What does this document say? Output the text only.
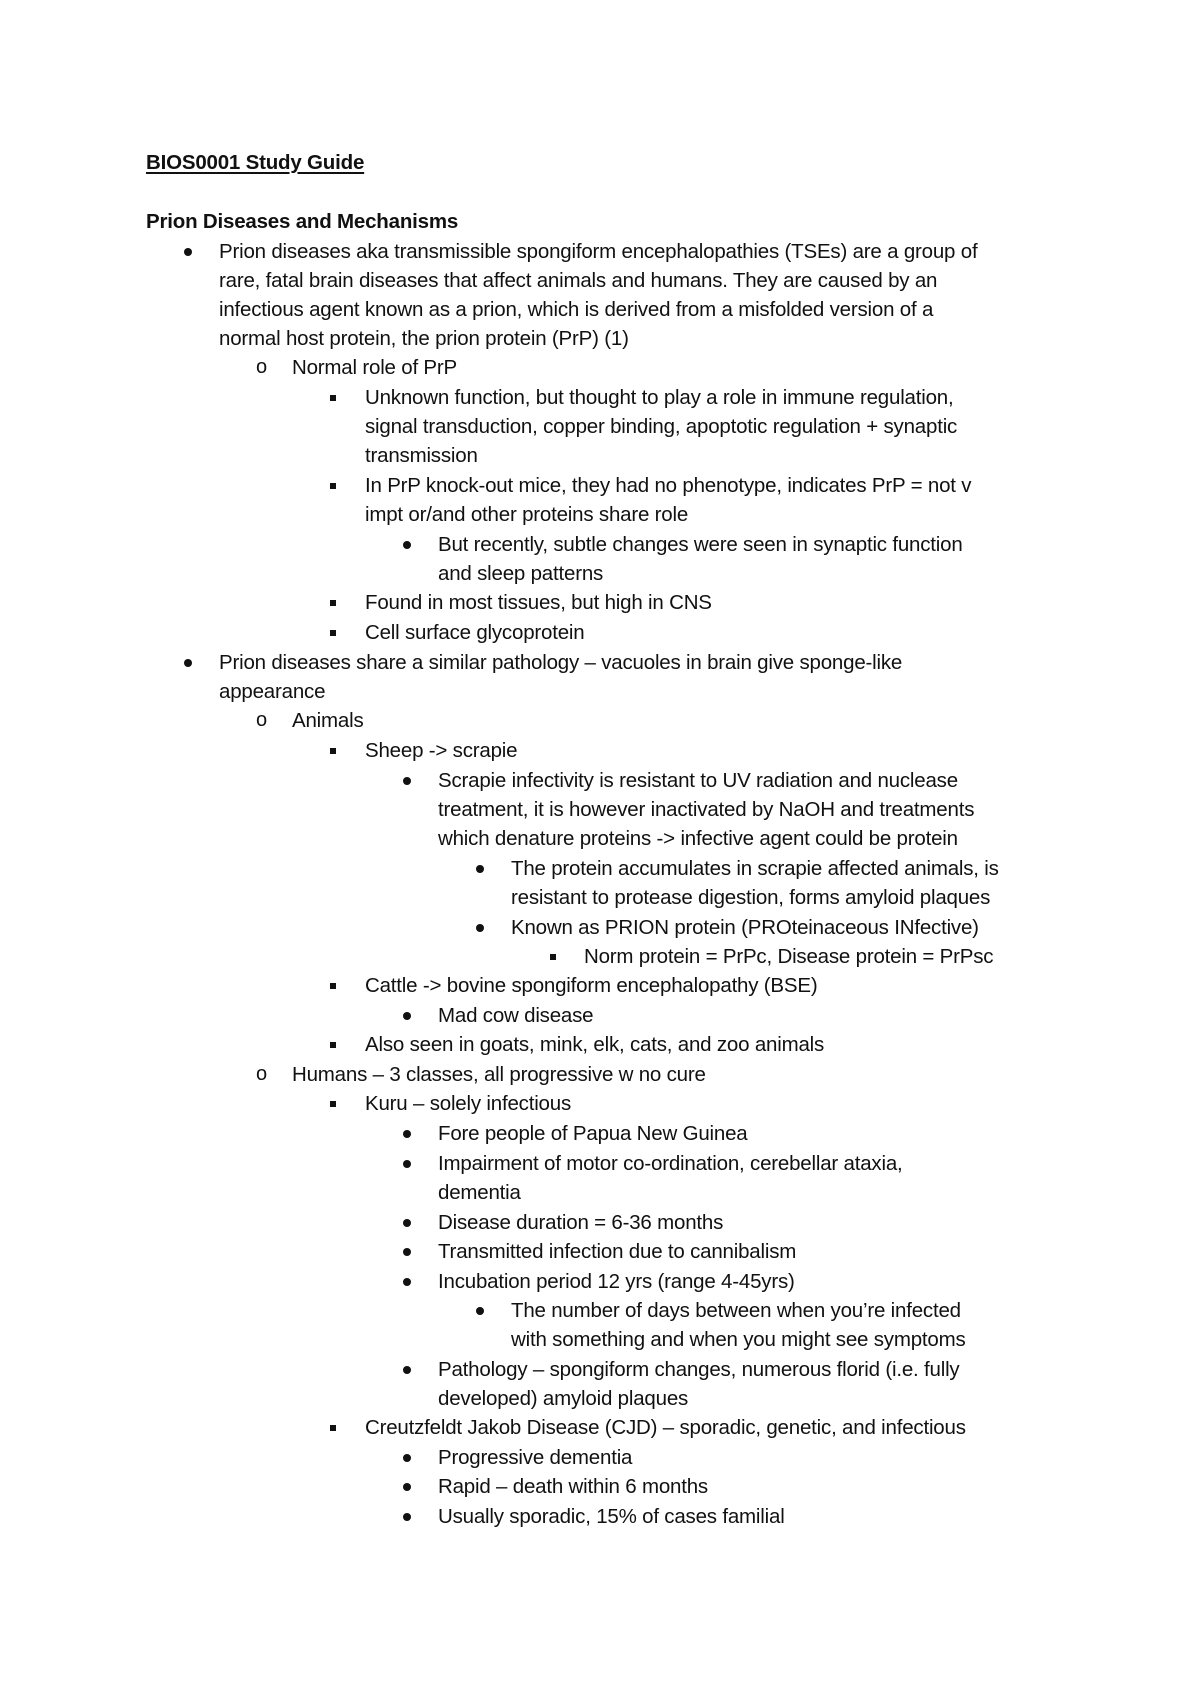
BIOS0001 Study Guide
Prion Diseases and Mechanisms
Prion diseases aka transmissible spongiform encephalopathies (TSEs) are a group of
rare, fatal brain diseases that affect animals and humans. They are caused by an
infectious agent known as a prion, which is derived from a misfolded version of a
normal host protein, the prion protein (PrP) (1)
o Normal role of PrP
Unknown function, but thought to play a role in immune regulation,
signal transduction, copper binding, apoptotic regulation + synaptic
transmission
In PrP knock-out mice, they had no phenotype, indicates PrP = not v
impt or/and other proteins share role
But recently, subtle changes were seen in synaptic function
and sleep patterns
Found in most tissues, but high in CNS
Cell surface glycoprotein
Prion diseases share a similar pathology – vacuoles in brain give sponge-like
appearance
o Animals
Sheep -> scrapie
Scrapie infectivity is resistant to UV radiation and nuclease
treatment, it is however inactivated by NaOH and treatments
which denature proteins -> infective agent could be protein
The protein accumulates in scrapie affected animals, is
resistant to protease digestion, forms amyloid plaques
Known as PRION protein (PROteinaceous INfective)
Norm protein = PrPc, Disease protein = PrPsc
Cattle -> bovine spongiform encephalopathy (BSE)
Mad cow disease
Also seen in goats, mink, elk, cats, and zoo animals
o Humans – 3 classes, all progressive w no cure
Kuru – solely infectious
Fore people of Papua New Guinea
Impairment of motor co-ordination, cerebellar ataxia,
dementia
Disease duration = 6-36 months
Transmitted infection due to cannibalism
Incubation period 12 yrs (range 4-45yrs)
The number of days between when you’re infected
with something and when you might see symptoms
Pathology – spongiform changes, numerous florid (i.e. fully
developed) amyloid plaques
Creutzfeldt Jakob Disease (CJD) – sporadic, genetic, and infectious
Progressive dementia
Rapid – death within 6 months
Usually sporadic, 15% of cases familial
